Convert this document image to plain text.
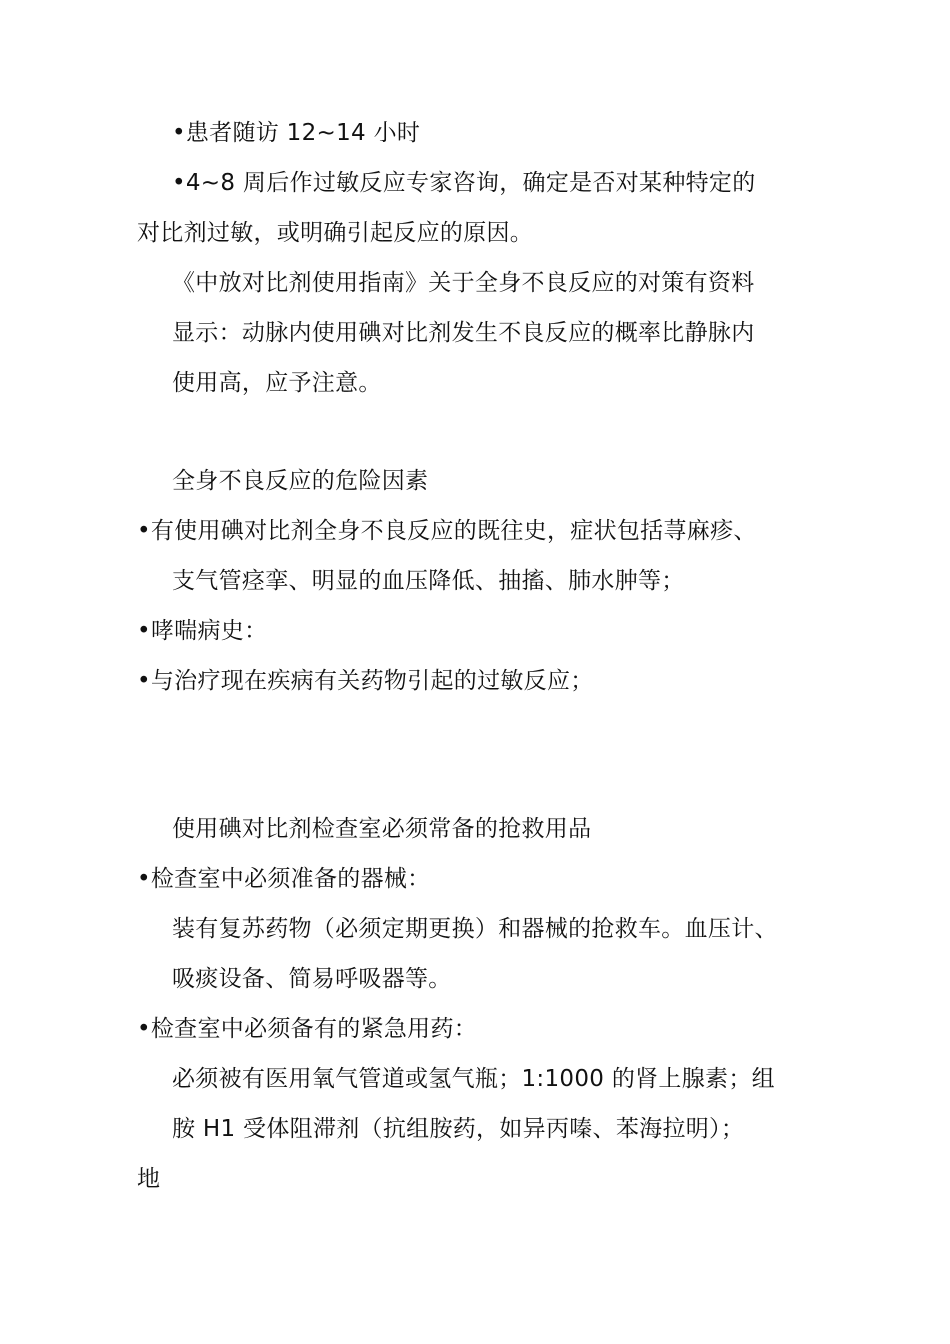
•患者随访 12~14 小时
•4~8 周后作过敏反应专家咨询，确定是否对某种特定的
对比剂过敏，或明确引起反应的原因。
《中放对比剂使用指南》关于全身不良反应的对策有资料
显示：动脉内使用碘对比剂发生不良反应的概率比静脉内
使用高，应予注意。
全身不良反应的危险因素
•有使用碘对比剂全身不良反应的既往史，症状包括荨麻疹、
支气管痉挛、明显的血压降低、抽搐、肺水肿等；
•哮喘病史：
•与治疗现在疾病有关药物引起的过敏反应；
使用碘对比剂检查室必须常备的抢救用品
•检查室中必须准备的器械：
装有复苏药物（必须定期更换）和器械的抢救车。血压计、
吸痰设备、简易呼吸器等。
•检查室中必须备有的紧急用药：
必须被有医用氧气管道或氢气瓶；1:1000 的肾上腺素；组
胺 H1 受体阻滞剂（抗组胺药，如异丙嗪、苯海拉明）；
地
